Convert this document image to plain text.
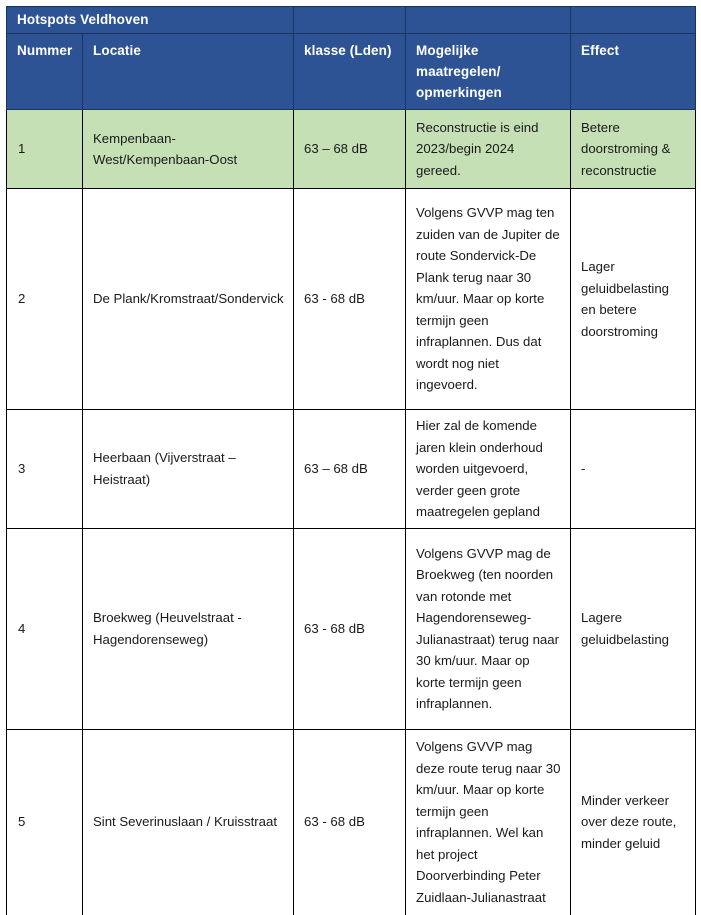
Hotspots Veldhoven				

Nummer	Locatie	klasse (Lden)	Mogelijke maatregelen/ opmerkingen	Effect

1	Kempenbaan-West/Kempenbaan-Oost	63 – 68 dB	Reconstructie is eind 2023/begin 2024 gereed.	Betere doorstroming & reconstructie

2	De Plank/Kromstraat/Sondervick	63 - 68 dB	Volgens GVVP mag ten zuiden van de Jupiter de route Sondervick-De Plank terug naar 30 km/uur. Maar op korte termijn geen infraplannen. Dus dat wordt nog niet ingevoerd.	Lager geluidbelasting en betere doorstroming

3	Heerbaan (Vijverstraat – Heistraat)	63 – 68 dB	Hier zal de komende jaren klein onderhoud worden uitgevoerd, verder geen grote maatregelen gepland	-

4	Broekweg (Heuvelstraat - Hagendorenseweg)	63 - 68 dB	Volgens GVVP mag de Broekweg (ten noorden van rotonde met Hagendorenseweg-Julianastraat) terug naar 30 km/uur. Maar op korte termijn geen infraplannen.	Lagere geluidbelasting

5	Sint Severinuslaan / Kruisstraat	63 - 68 dB	Volgens GVVP mag deze route terug naar 30 km/uur. Maar op korte termijn geen infraplannen. Wel kan het project Doorverbinding Peter Zuidlaan-Julianastraat	Minder verkeer over deze route, minder geluid
